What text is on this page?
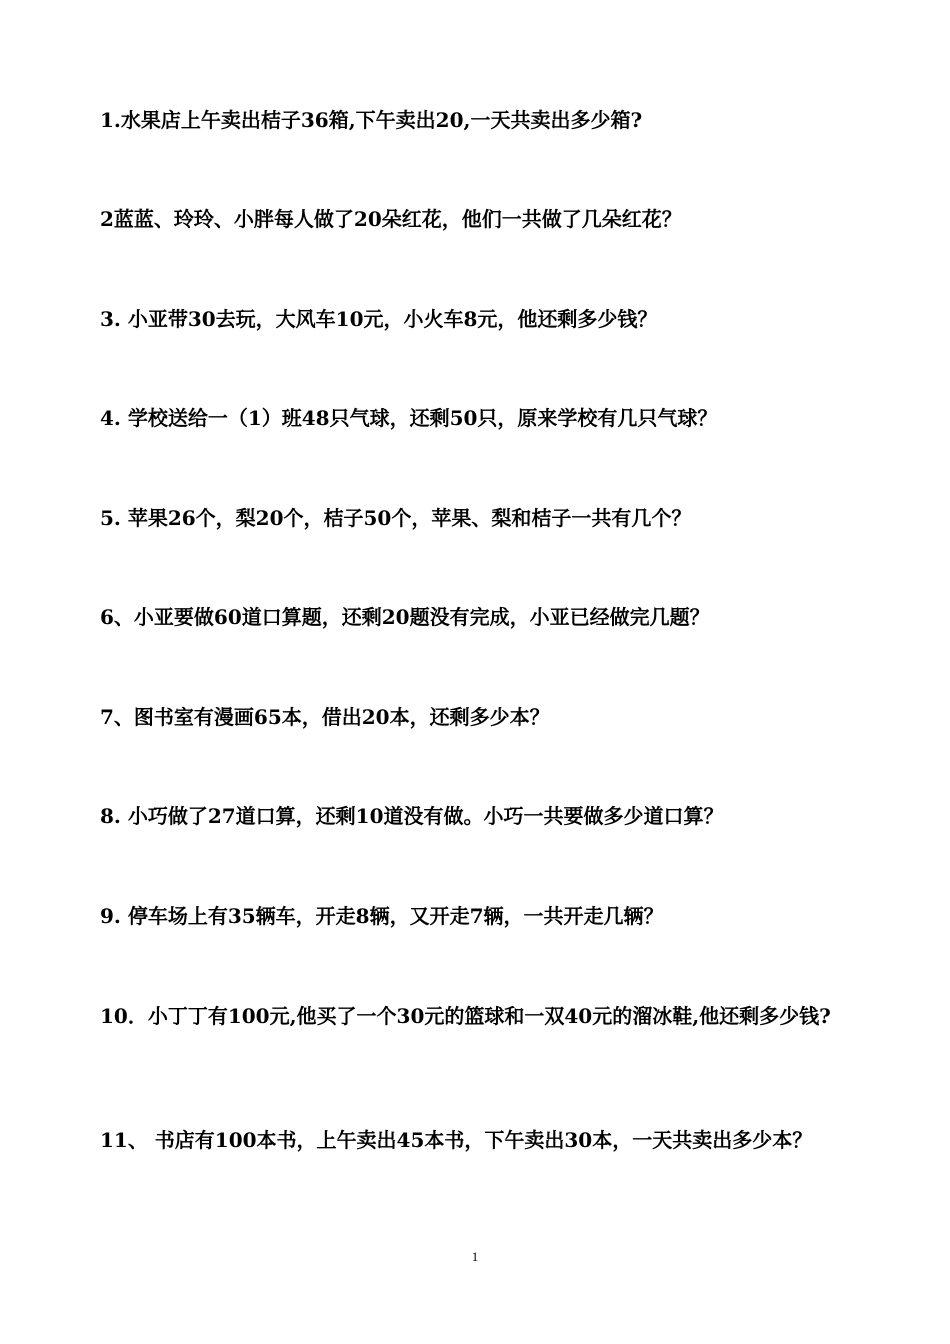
1.水果店上午卖出桔子36箱,下午卖出20,一天共卖出多少箱?
2蓝蓝、玲玲、小胖每人做了20朵红花，他们一共做了几朵红花？
3. 小亚带30去玩，大风车10元，小火车8元，他还剩多少钱？
4. 学校送给一（1）班48只气球，还剩50只，原来学校有几只气球？
5. 苹果26个，梨20个，桔子50个，苹果、梨和桔子一共有几个？
6、小亚要做60道口算题，还剩20题没有完成，小亚已经做完几题？
7、图书室有漫画65本，借出20本，还剩多少本？
8. 小巧做了27道口算，还剩10道没有做。小巧一共要做多少道口算？
9. 停车场上有35辆车，开走8辆，又开走7辆，一共开走几辆？
10．小丁丁有100元,他买了一个30元的篮球和一双40元的溜冰鞋,他还剩多少钱?
11、 书店有100本书，上午卖出45本书，下午卖出30本，一天共卖出多少本？
1
